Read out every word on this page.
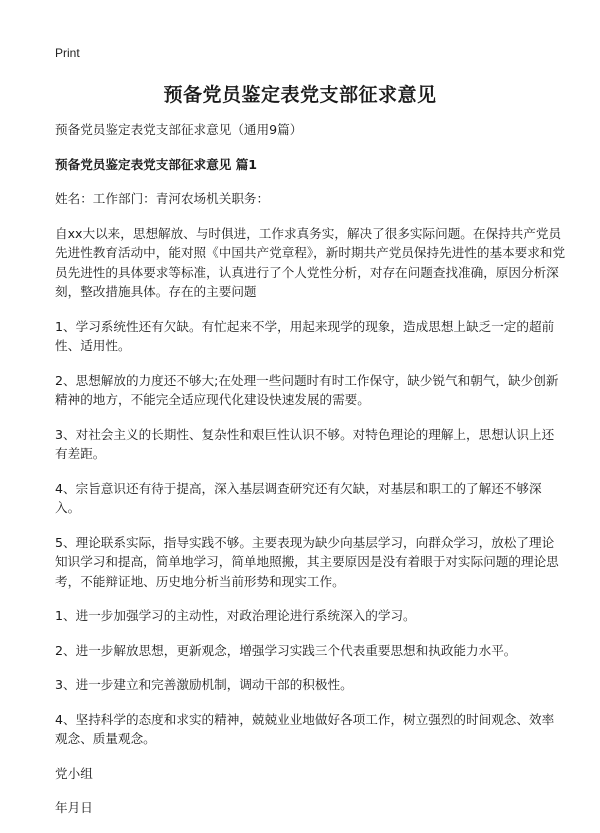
Print
预备党员鉴定表党支部征求意见

预备党员鉴定表党支部征求意见（通用9篇）

预备党员鉴定表党支部征求意见 篇1

姓名：工作部门：青河农场机关职务：

自xx大以来，思想解放、与时俱进，工作求真务实，解决了很多实际问题。在保持共产党员先进性教育活动中，能对照《中国共产党章程》，新时期共产党员保持先进性的基本要求和党员先进性的具体要求等标准，认真进行了个人党性分析，对存在问题查找准确，原因分析深刻，整改措施具体。存在的主要问题

1、学习系统性还有欠缺。有忙起来不学，用起来现学的现象，造成思想上缺乏一定的超前性、适用性。

2、思想解放的力度还不够大;在处理一些问题时有时工作保守，缺少锐气和朝气，缺少创新精神的地方，不能完全适应现代化建设快速发展的需要。

3、对社会主义的长期性、复杂性和艰巨性认识不够。对特色理论的理解上，思想认识上还有差距。

4、宗旨意识还有待于提高，深入基层调查研究还有欠缺，对基层和职工的了解还不够深入。

5、理论联系实际，指导实践不够。主要表现为缺少向基层学习，向群众学习，放松了理论知识学习和提高，简单地学习，简单地照搬，其主要原因是没有着眼于对实际问题的理论思考，不能辩证地、历史地分析当前形势和现实工作。

1、进一步加强学习的主动性，对政治理论进行系统深入的学习。

2、进一步解放思想，更新观念，增强学习实践三个代表重要思想和执政能力水平。

3、进一步建立和完善激励机制，调动干部的积极性。

4、坚持科学的态度和求实的精神，兢兢业业地做好各项工作，树立强烈的时间观念、效率观念、质量观念。

党小组

年月日
